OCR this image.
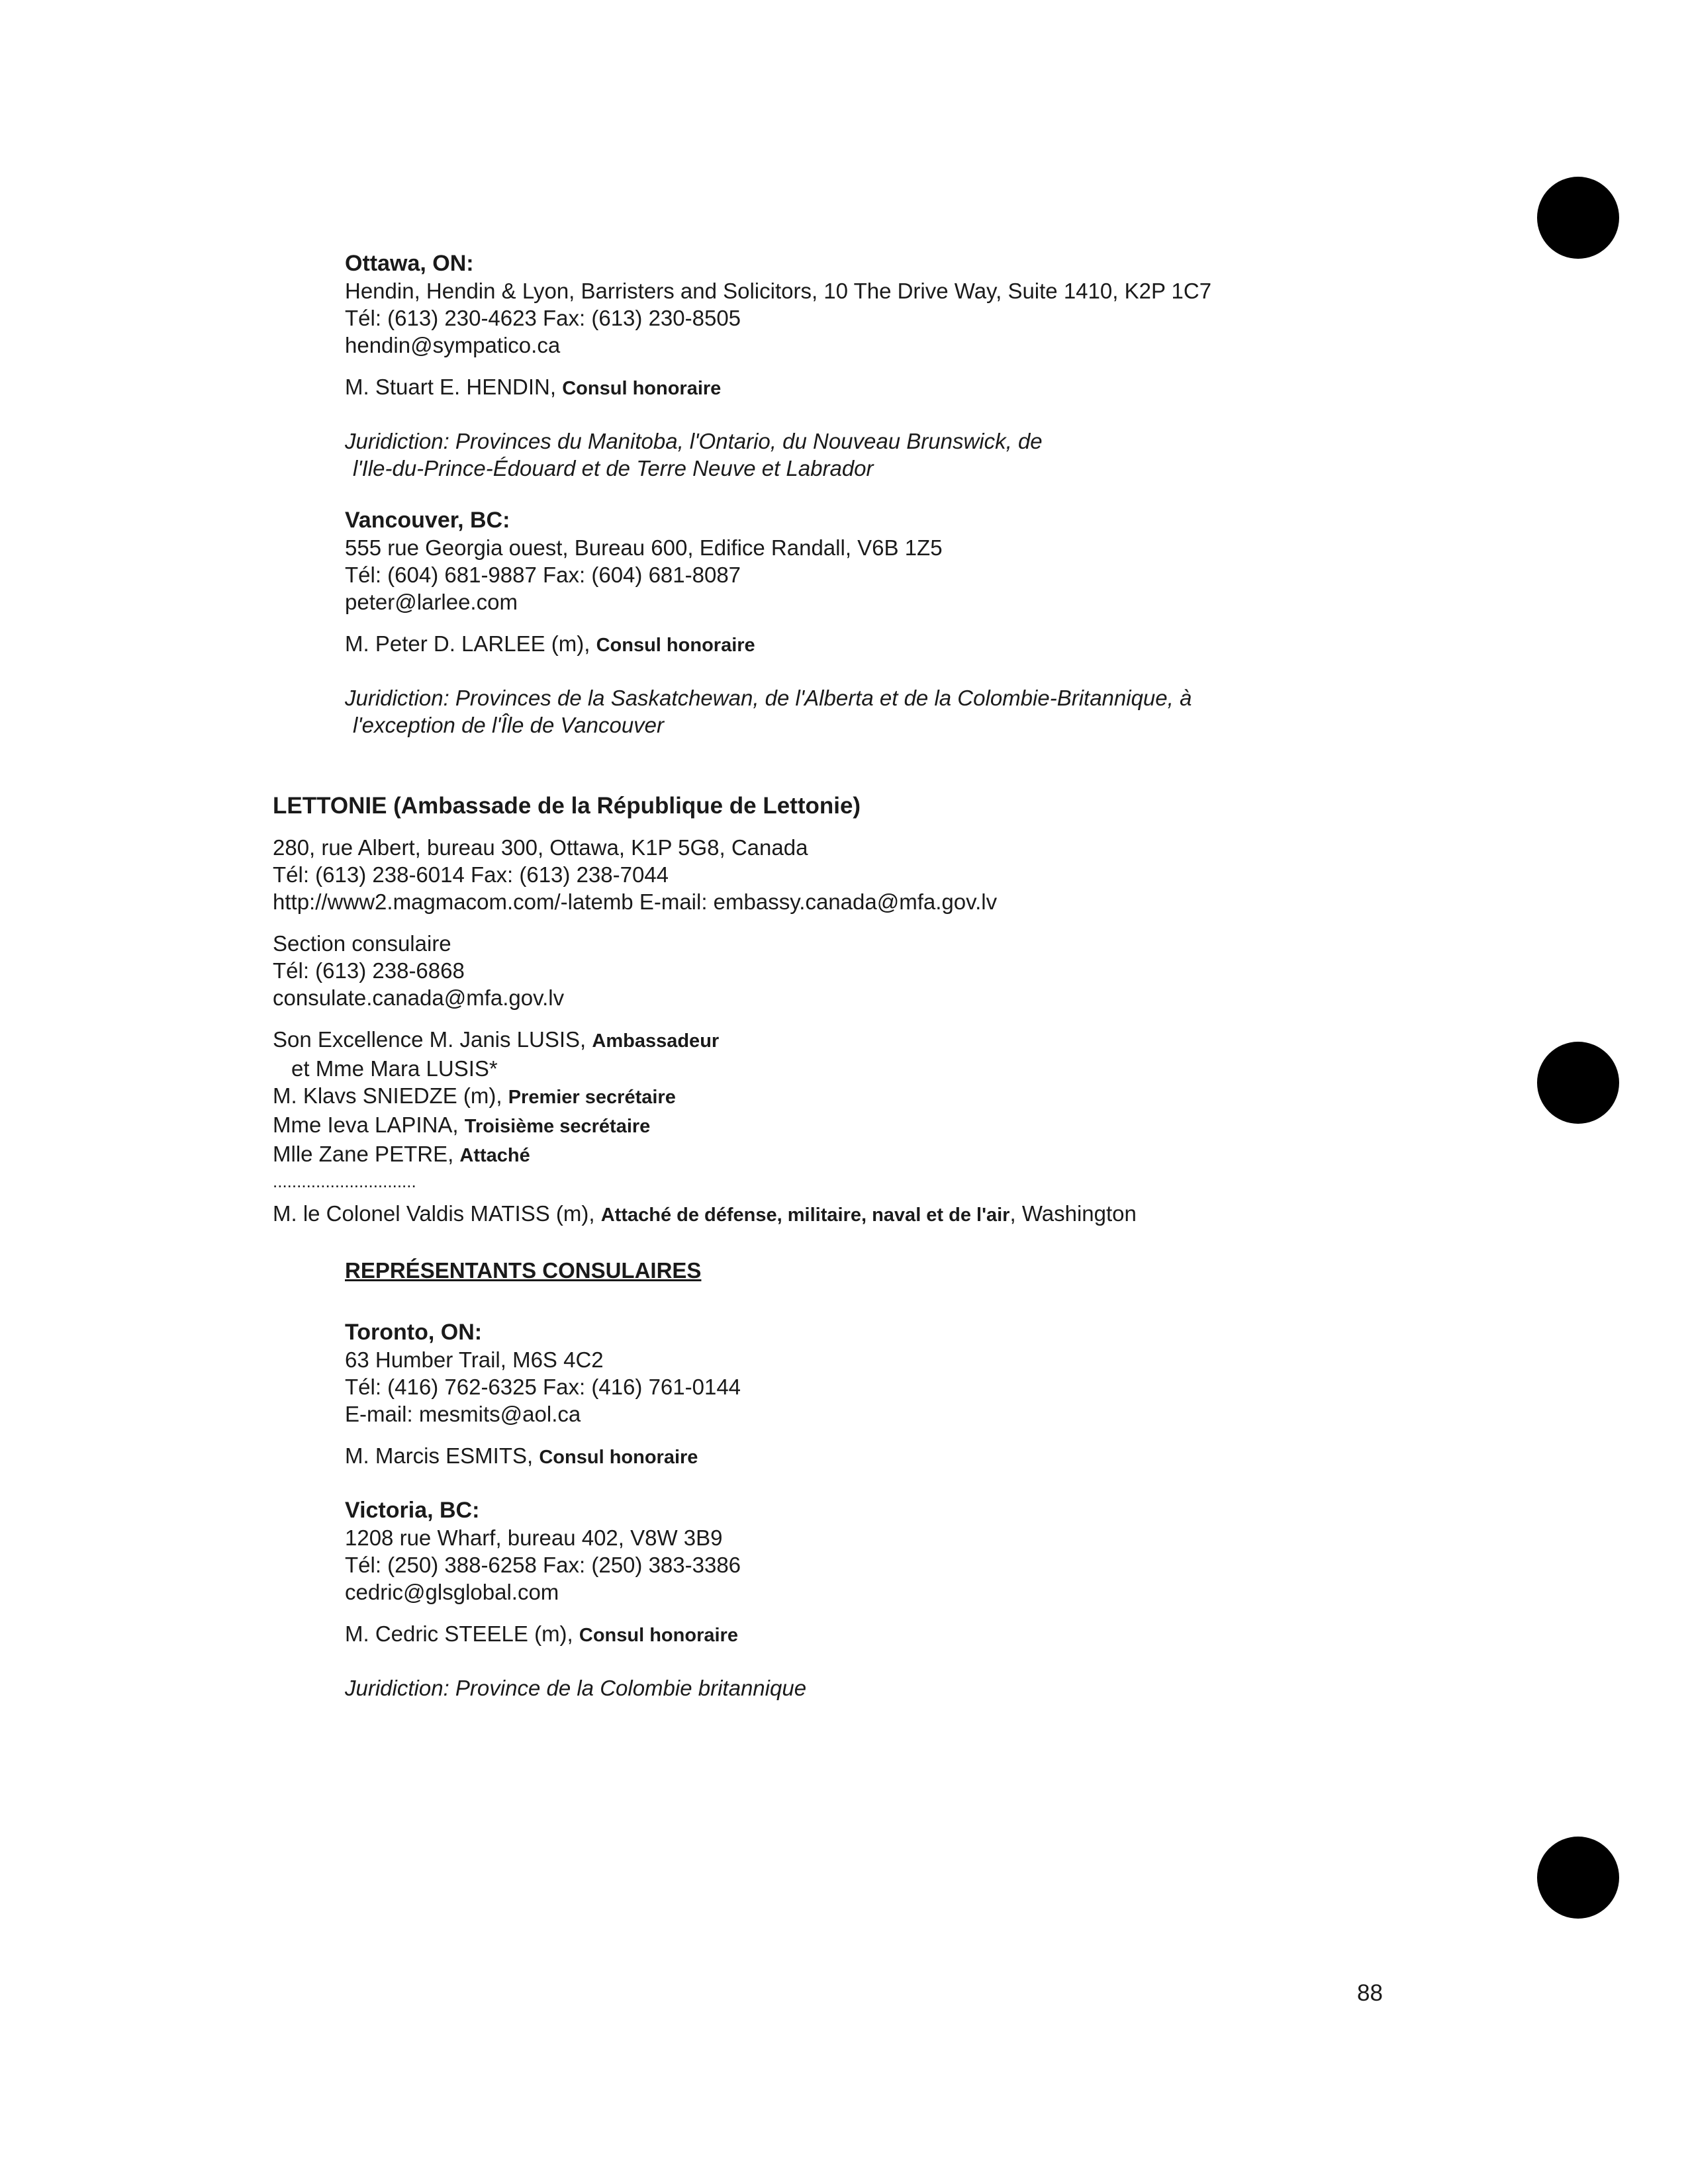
Ottawa, ON:
Hendin, Hendin & Lyon, Barristers and Solicitors, 10 The Drive Way, Suite 1410, K2P 1C7
Tél: (613) 230-4623 Fax: (613) 230-8505
hendin@sympatico.ca
M. Stuart E. HENDIN, Consul honoraire
Juridiction: Provinces du Manitoba, l'Ontario, du Nouveau Brunswick, de
l'Ile-du-Prince-Édouard et de Terre Neuve et Labrador
Vancouver, BC:
555 rue Georgia ouest, Bureau 600, Edifice Randall, V6B 1Z5
Tél: (604) 681-9887 Fax: (604) 681-8087
peter@larlee.com
M. Peter D. LARLEE (m), Consul honoraire
Juridiction: Provinces de la Saskatchewan, de l'Alberta et de la Colombie-Britannique, à
l'exception de l'Île de Vancouver
LETTONIE (Ambassade de la République de Lettonie)
280, rue Albert, bureau 300, Ottawa, K1P 5G8, Canada
Tél: (613) 238-6014 Fax: (613) 238-7044
http://www2.magmacom.com/-latemb E-mail: embassy.canada@mfa.gov.lv
Section consulaire
Tél: (613) 238-6868
consulate.canada@mfa.gov.lv
Son Excellence M. Janis LUSIS, Ambassadeur
et Mme Mara LUSIS*
M. Klavs SNIEDZE (m), Premier secrétaire
Mme Ieva LAPINA, Troisième secrétaire
Mlle Zane PETRE, Attaché
..............................
M. le Colonel Valdis MATISS (m), Attaché de défense, militaire, naval et de l'air, Washington
REPRÉSENTANTS CONSULAIRES
Toronto, ON:
63 Humber Trail, M6S 4C2
Tél: (416) 762-6325 Fax: (416) 761-0144
E-mail: mesmits@aol.ca
M. Marcis ESMITS, Consul honoraire
Victoria, BC:
1208 rue Wharf, bureau 402, V8W 3B9
Tél: (250) 388-6258 Fax: (250) 383-3386
cedric@glsglobal.com
M. Cedric STEELE (m), Consul honoraire
Juridiction: Province de la Colombie britannique
88
